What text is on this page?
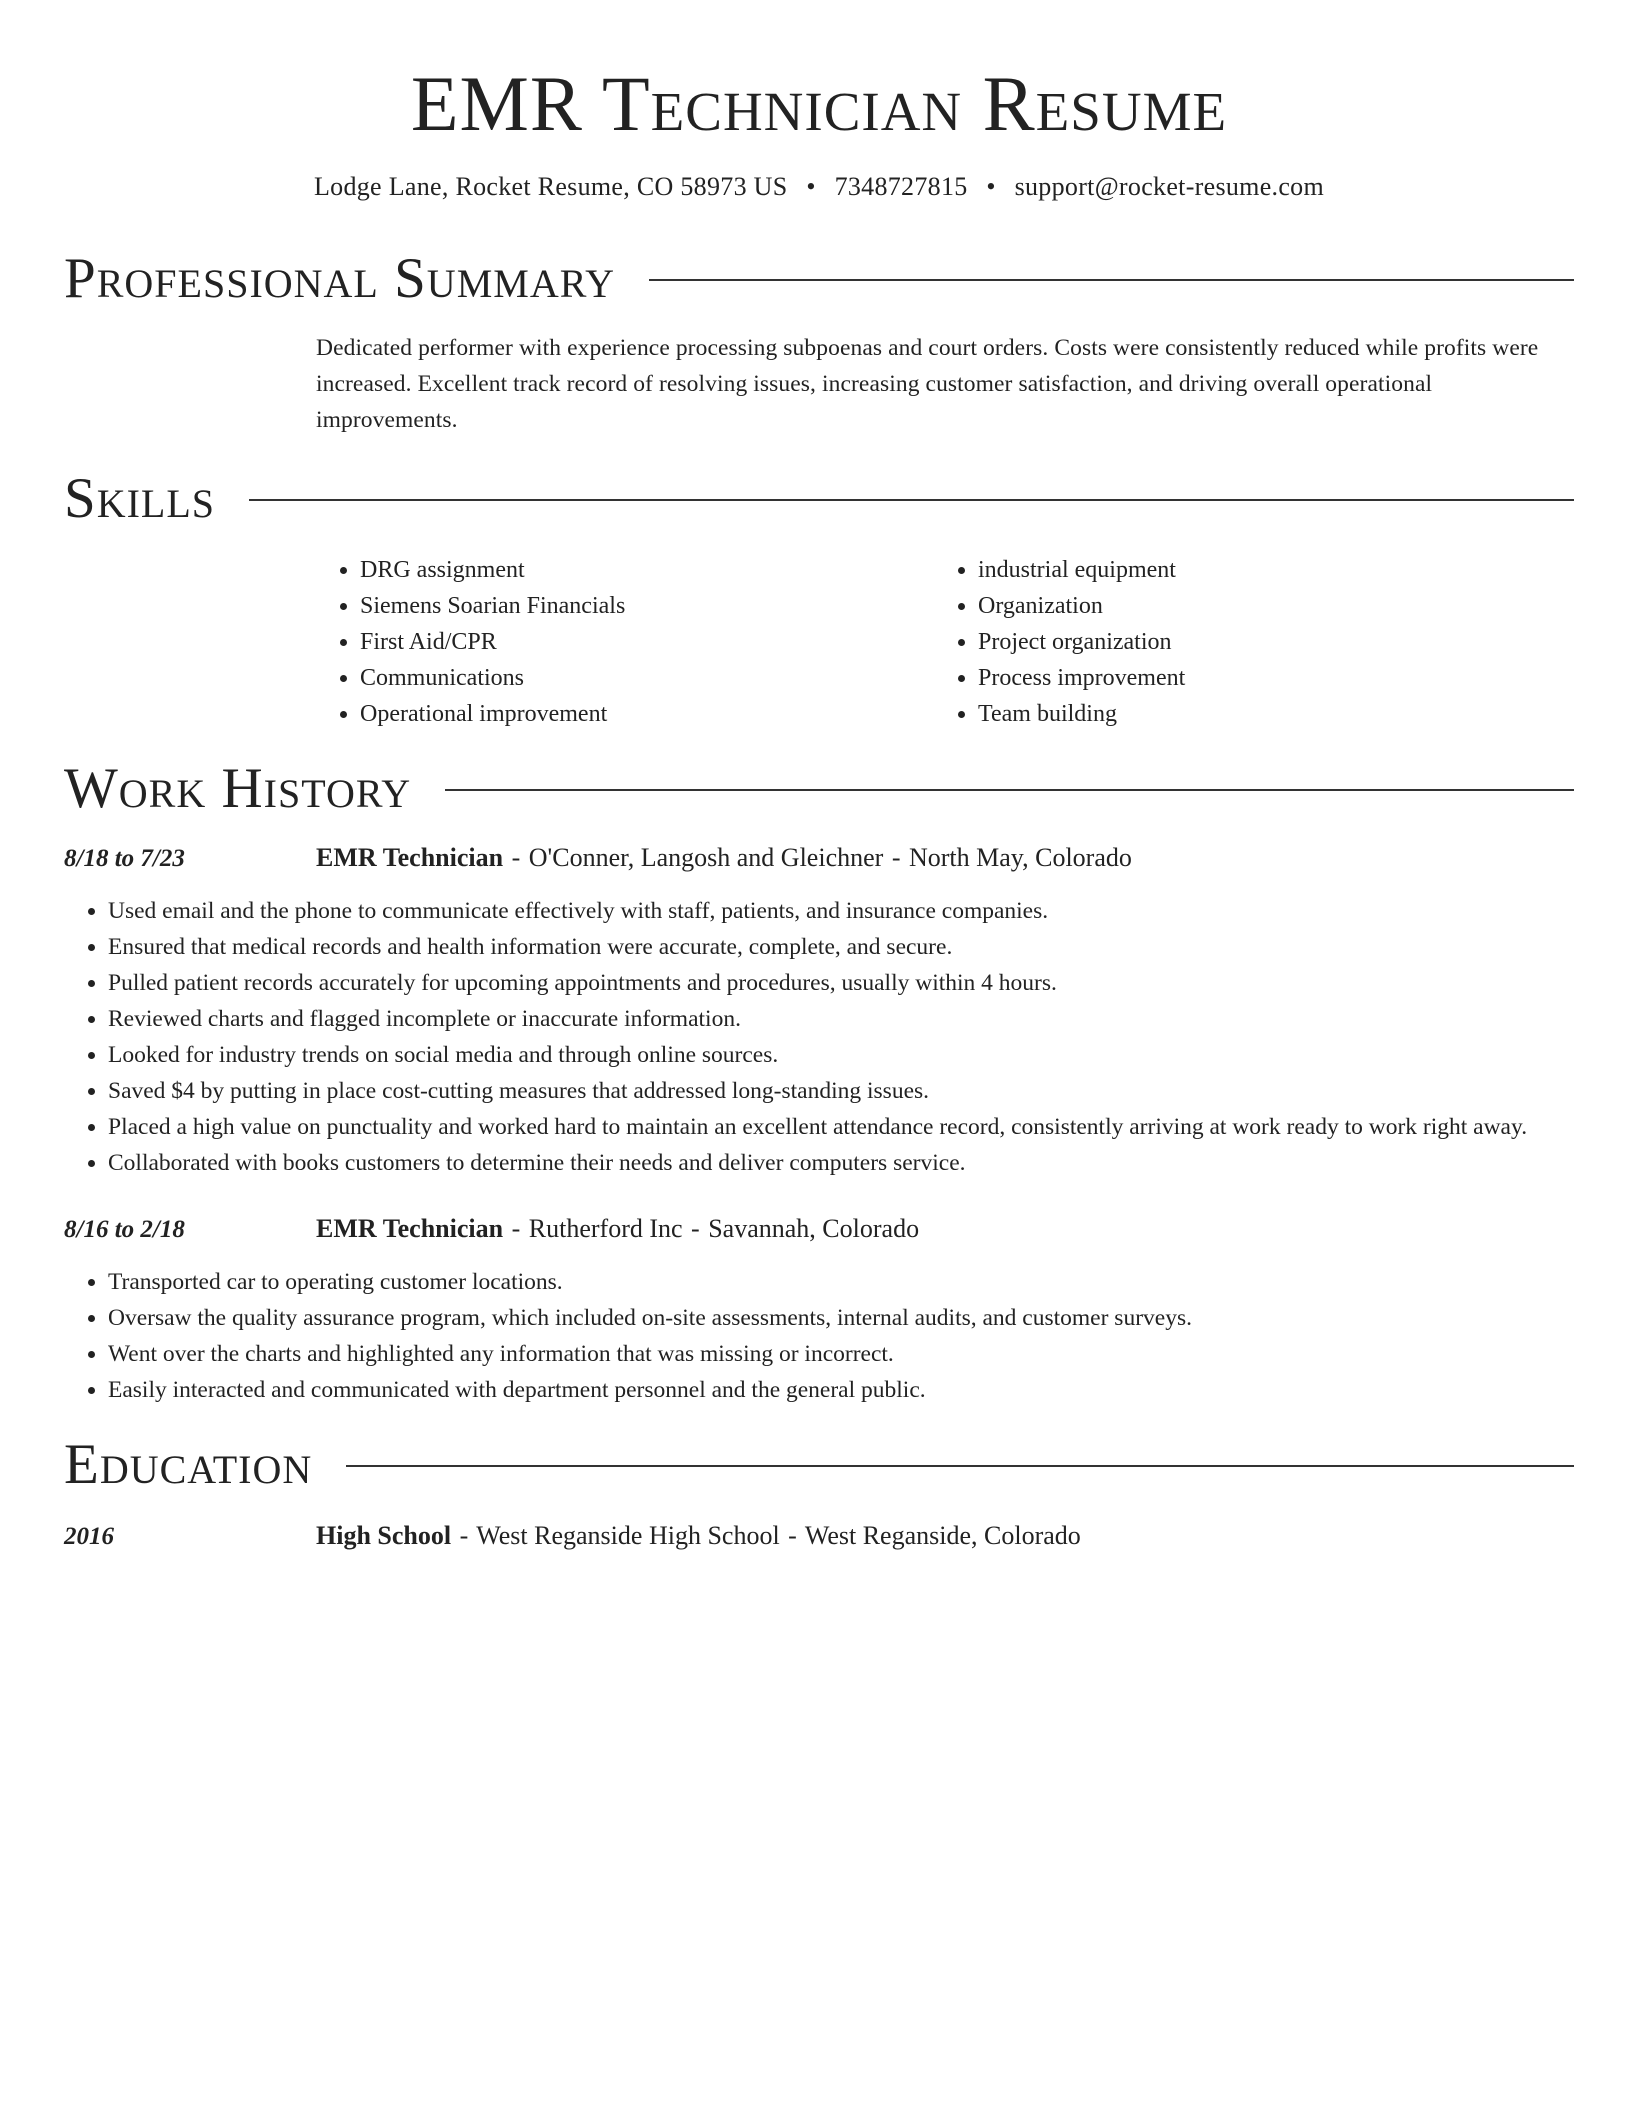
EMR Technician Resume
Lodge Lane, Rocket Resume, CO 58973 US • 7348727815 • support@rocket-resume.com
Professional Summary
Dedicated performer with experience processing subpoenas and court orders. Costs were consistently reduced while profits were increased. Excellent track record of resolving issues, increasing customer satisfaction, and driving overall operational improvements.
Skills
• DRG assignment
• Siemens Soarian Financials
• First Aid/CPR
• Communications
• Operational improvement
• industrial equipment
• Organization
• Project organization
• Process improvement
• Team building
Work History
8/18 to 7/23	EMR Technician - O'Conner, Langosh and Gleichner - North May, Colorado
• Used email and the phone to communicate effectively with staff, patients, and insurance companies.
• Ensured that medical records and health information were accurate, complete, and secure.
• Pulled patient records accurately for upcoming appointments and procedures, usually within 4 hours.
• Reviewed charts and flagged incomplete or inaccurate information.
• Looked for industry trends on social media and through online sources.
• Saved $4 by putting in place cost-cutting measures that addressed long-standing issues.
• Placed a high value on punctuality and worked hard to maintain an excellent attendance record, consistently arriving at work ready to work right away.
• Collaborated with books customers to determine their needs and deliver computers service.
8/16 to 2/18	EMR Technician - Rutherford Inc - Savannah, Colorado
• Transported car to operating customer locations.
• Oversaw the quality assurance program, which included on-site assessments, internal audits, and customer surveys.
• Went over the charts and highlighted any information that was missing or incorrect.
• Easily interacted and communicated with department personnel and the general public.
Education
2016	High School - West Reganside High School - West Reganside, Colorado
